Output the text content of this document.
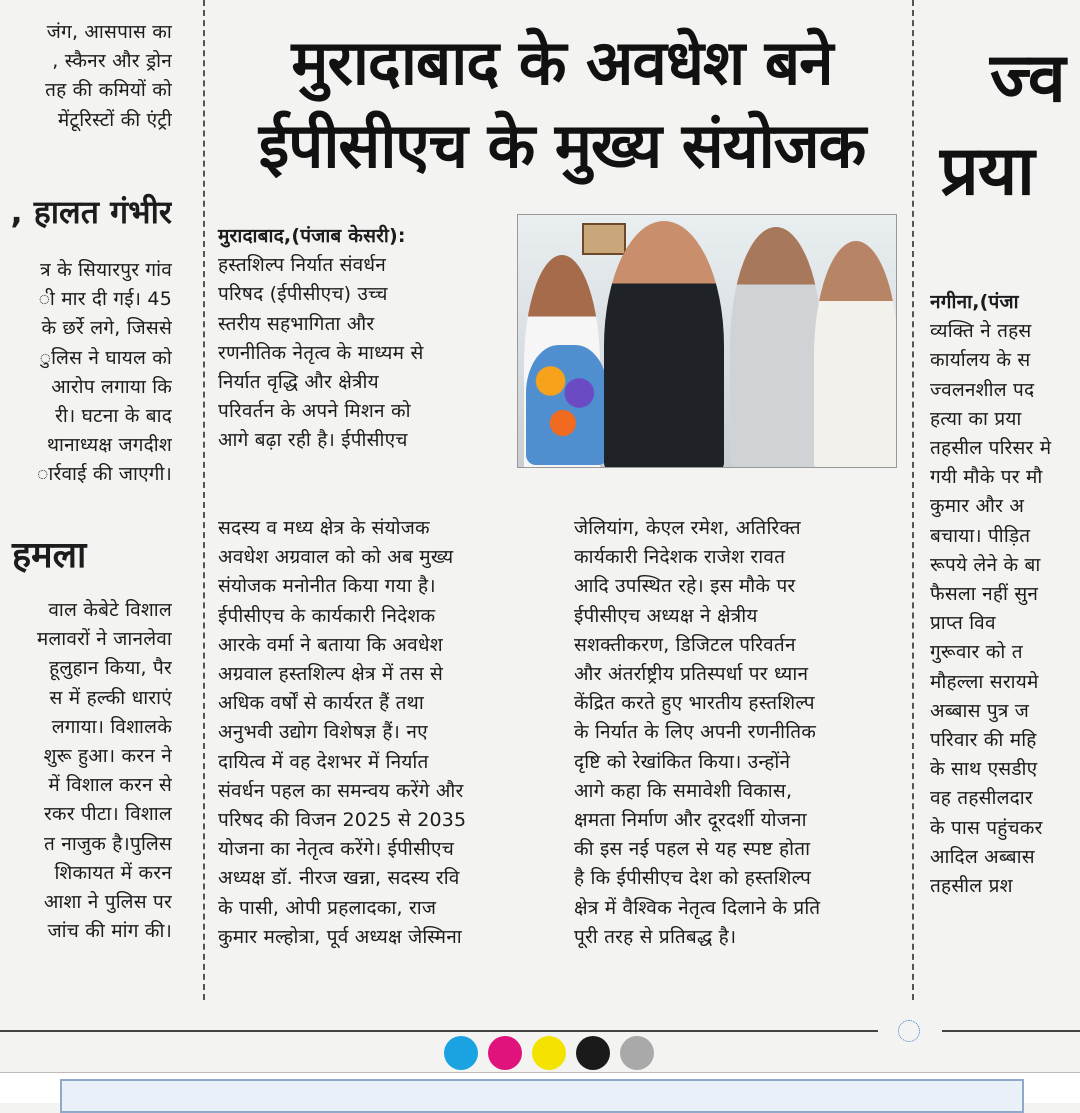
जंग, आसपास का

, स्कैनर और ड्रोन

तह की कमियों को

मेंटूरिस्टों की एंट्री

, हालत गंभीर

त्र के सियारपुर गांव

ी मार दी गई। 45

के छर्रे लगे, जिससे

ुलिस ने घायल को

आरोप लगाया कि

री। घटना के बाद

थानाध्यक्ष जगदीश

ार्रवाई की जाएगी।

हमला

वाल केबेटे विशाल

मलावरों ने जानलेवा

हूलुहान किया, पैर

स में हल्की धाराएं

लगाया। विशालके

शुरू हुआ। करन ने

में विशाल करन से

रकर पीटा। विशाल

त नाजुक है।पुलिस

शिकायत में करन

आशा ने पुलिस पर

जांच की मांग की।

मुरादाबाद के अवधेश बने
ईपीसीएच के मुख्य संयोजक

मुरादाबाद,(पंजाब केसरी):

हस्तशिल्प निर्यात संवर्धन

परिषद (ईपीसीएच) उच्च

स्तरीय सहभागिता और

रणनीतिक नेतृत्व के माध्यम से

निर्यात वृद्धि और क्षेत्रीय

परिवर्तन के अपने मिशन को

आगे बढ़ा रही है। ईपीसीएच

सदस्य व मध्य क्षेत्र के संयोजक

अवधेश अग्रवाल को को अब मुख्य

संयोजक मनोनीत किया गया है।

ईपीसीएच के कार्यकारी निदेशक

आरके वर्मा ने बताया कि अवधेश

अग्रवाल हस्तशिल्प क्षेत्र में तस से

अधिक वर्षों से कार्यरत हैं तथा

अनुभवी उद्योग विशेषज्ञ हैं। नए

दायित्व में वह देशभर में निर्यात

संवर्धन पहल का समन्वय करेंगे और

परिषद की विजन 2025 से 2035

योजना का नेतृत्व करेंगे। ईपीसीएच

अध्यक्ष डॉ. नीरज खन्ना, सदस्य रवि

के पासी, ओपी प्रहलादका, राज

कुमार मल्होत्रा, पूर्व अध्यक्ष जेस्मिना

जेलियांग, केएल रमेश, अतिरिक्त

कार्यकारी निदेशक राजेश रावत

आदि उपस्थित रहे। इस मौके पर

ईपीसीएच अध्यक्ष ने क्षेत्रीय

सशक्तीकरण, डिजिटल परिवर्तन

और अंतर्राष्ट्रीय प्रतिस्पर्धा पर ध्यान

केंद्रित करते हुए भारतीय हस्तशिल्प

के निर्यात के लिए अपनी रणनीतिक

दृष्टि को रेखांकित किया। उन्होंने

आगे कहा कि समावेशी विकास,

क्षमता निर्माण और दूरदर्शी योजना

की इस नई पहल से यह स्पष्ट होता

है कि ईपीसीएच देश को हस्तशिल्प

क्षेत्र में वैश्विक नेतृत्व दिलाने के प्रति

पूरी तरह से प्रतिबद्ध है।

ज्व
प्रया

नगीना,(पंजा

व्यक्ति ने तहस

कार्यालय के स

ज्वलनशील पद

हत्या का प्रया

तहसील परिसर मे

गयी मौके पर मौ

कुमार और अ

बचाया। पीड़ित

रूपये लेने के बा

फैसला नहीं सुन

प्राप्त विव

गुरूवार को त

मौहल्ला सरायमे

अब्बास पुत्र ज

परिवार की महि

के साथ एसडीए

वह तहसीलदार

के पास पहुंचकर

आदिल अब्बास

तहसील प्रश
